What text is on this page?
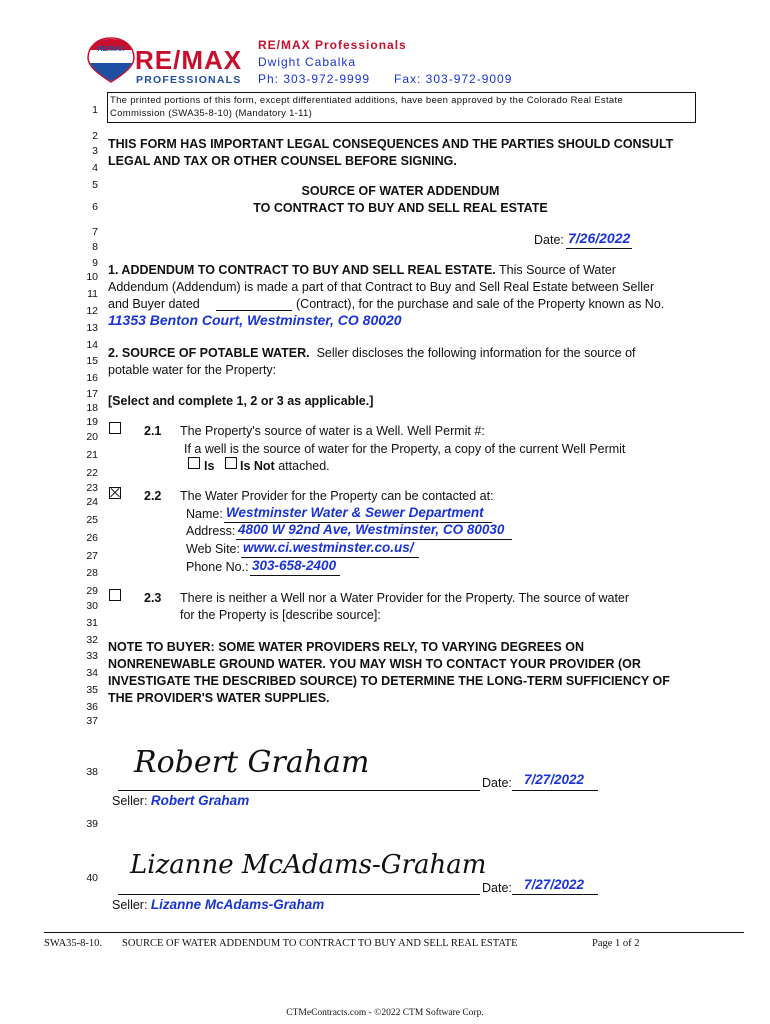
RE/MAX RE/MAX
PROFESSIONALS
RE/MAX Professionals
Dwight Cabalka
Ph: 303-972-9999 Fax: 303-972-9009
1
2
3
4
5
6
7
8
9
10
11
12
13
14
15
16
17
18
19
20
21
22
23
24
25
26
27
28
29
30
31
32
33
34
35
36
37
38
39
40
The printed portions of this form, except differentiated additions, have been approved by the Colorado Real Estate
Commission (SWA35-8-10) (Mandatory 1-11)
THIS FORM HAS IMPORTANT LEGAL CONSEQUENCES AND THE PARTIES SHOULD CONSULT
LEGAL AND TAX OR OTHER COUNSEL BEFORE SIGNING.
SOURCE OF WATER ADDENDUM
TO CONTRACT TO BUY AND SELL REAL ESTATE
Date: 7/26/2022
1. ADDENDUM TO CONTRACT TO BUY AND SELL REAL ESTATE. This Source of Water
Addendum (Addendum) is made a part of that Contract to Buy and Sell Real Estate between Seller
and Buyer dated	(Contract), for the purchase and sale of the Property known as No.
11353 Benton Court, Westminster, CO 80020
2. SOURCE OF POTABLE WATER. Seller discloses the following information for the source of
potable water for the Property:
[Select and complete 1, 2 or 3 as applicable.]
2.1 The Property's source of water is a Well. Well Permit #:
If a well is the source of water for the Property, a copy of the current Well Permit
Is Is Not attached.
2.2 The Water Provider for the Property can be contacted at:
Name: Westminster Water & Sewer Department
Address: 4800 W 92nd Ave, Westminster, CO 80030
Web Site: www.ci.westminster.co.us/
Phone No.: 303-658-2400
2.3 There is neither a Well nor a Water Provider for the Property. The source of water
for the Property is [describe source]:
NOTE TO BUYER: SOME WATER PROVIDERS RELY, TO VARYING DEGREES ON
NONRENEWABLE GROUND WATER. YOU MAY WISH TO CONTACT YOUR PROVIDER (OR
INVESTIGATE THE DESCRIBED SOURCE) TO DETERMINE THE LONG-TERM SUFFICIENCY OF
THE PROVIDER'S WATER SUPPLIES.
Robert Graham
Date: 7/27/2022
Seller: Robert Graham
Lizanne McAdams-Graham
Date: 7/27/2022
Seller: Lizanne McAdams-Graham
SWA35-8-10. SOURCE OF WATER ADDENDUM TO CONTRACT TO BUY AND SELL REAL ESTATE	Page 1 of 2
CTMeContracts.com - ©2022 CTM Software Corp.
